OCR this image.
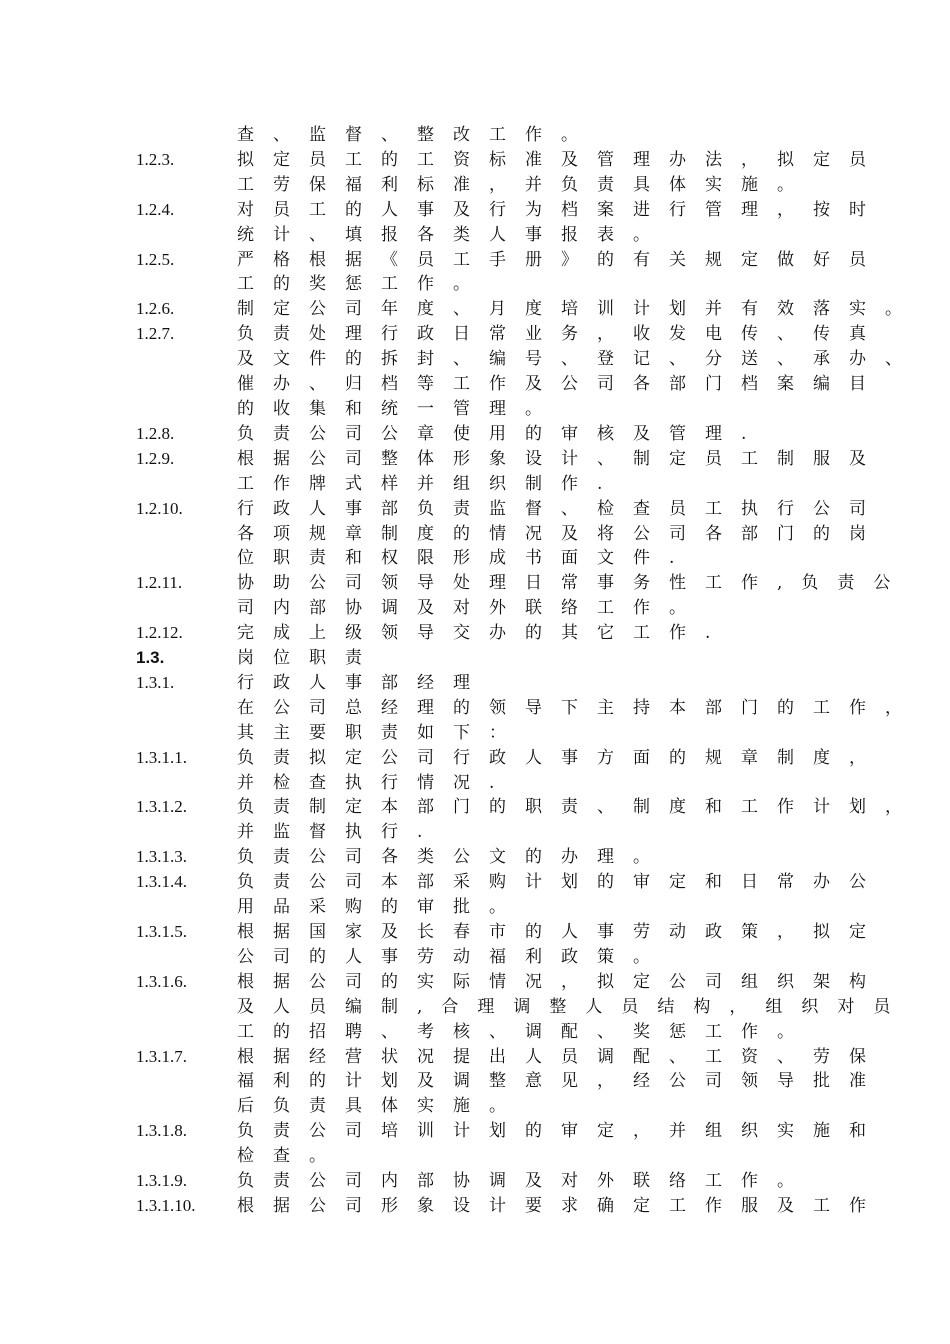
查、监督、整改工作。
1.2.3.	拟定员工的工资标准及管理办法，拟定员
工劳保福利标准，并负责具体实施。
1.2.4.	对员工的人事及行为档案进行管理，按时
统计、填报各类人事报表。
1.2.5.	严格根据《员工手册》的有关规定做好员
工的奖惩工作。
1.2.6.	制定公司年度、月度培训计划并有效落实。
1.2.7.	负责处理行政日常业务，收发电传、传真
及文件的拆封、编号、登记、分送、承办、
催办、归档等工作及公司各部门档案编目
的收集和统一管理。
1.2.8.	负责公司公章使用的审核及管理.
1.2.9.	根据公司整体形象设计、制定员工制服及
工作牌式样并组织制作.
1.2.10.	行政人事部负责监督、检查员工执行公司
各项规章制度的情况及将公司各部门的岗
位职责和权限形成书面文件.
1.2.11.	协助公司领导处理日常事务性工作,负责公
司内部协调及对外联络工作。
1.2.12.	完成上级领导交办的其它工作.
1.3.	岗位职责
1.3.1.	行政人事部经理
在公司总经理的领导下主持本部门的工作，
其主要职责如下：
1.3.1.1.	负责拟定公司行政人事方面的规章制度，
并检查执行情况.
1.3.1.2.	负责制定本部门的职责、制度和工作计划，
并监督执行.
1.3.1.3.	负责公司各类公文的办理。
1.3.1.4.	负责公司本部采购计划的审定和日常办公
用品采购的审批。
1.3.1.5.	根据国家及长春市的人事劳动政策，拟定
公司的人事劳动福利政策。
1.3.1.6.	根据公司的实际情况，拟定公司组织架构
及人员编制,合理调整人员结构，组织对员
工的招聘、考核、调配、奖惩工作。
1.3.1.7.	根据经营状况提出人员调配、工资、劳保
福利的计划及调整意见，经公司领导批准
后负责具体实施。
1.3.1.8.	负责公司培训计划的审定，并组织实施和
检查。
1.3.1.9.	负责公司内部协调及对外联络工作。
1.3.1.10.	根据公司形象设计要求确定工作服及工作
